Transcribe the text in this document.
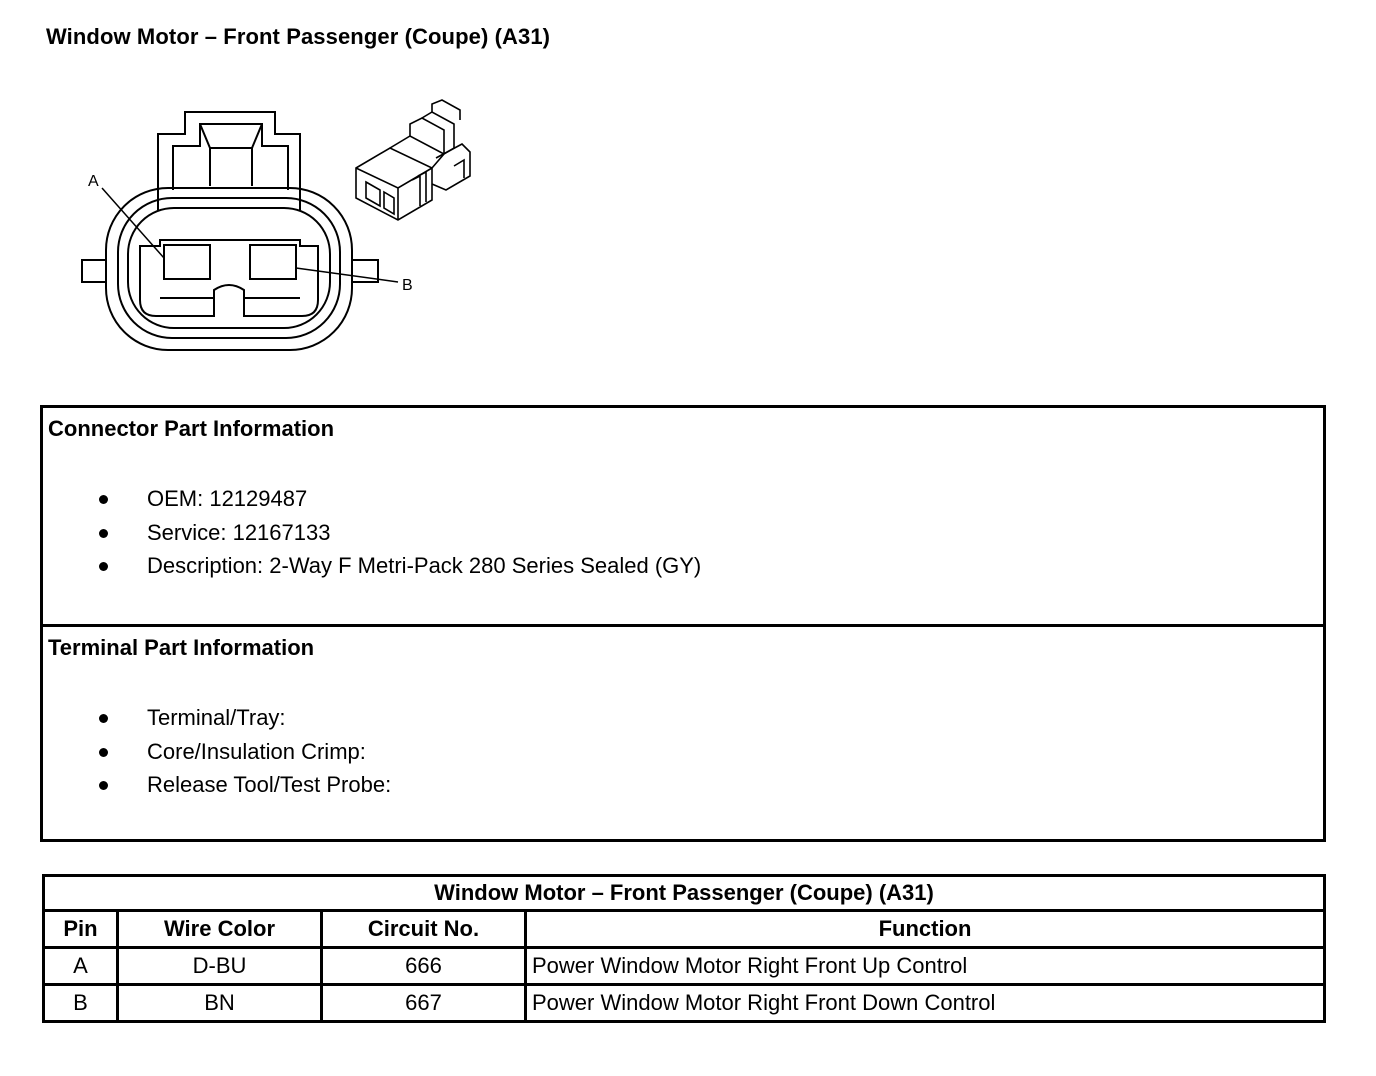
Window Motor – Front Passenger (Coupe) (A31)
A
B
Connector Part Information
OEM: 12129487
Service: 12167133
Description: 2-Way F Metri-Pack 280 Series Sealed (GY)
Terminal Part Information
Terminal/Tray:
Core/Insulation Crimp:
Release Tool/Test Probe:
Window Motor – Front Passenger (Coupe) (A31)			
Pin	Wire Color	Circuit No.	Function
A	D-BU	666	Power Window Motor Right Front Up Control
B	BN	667	Power Window Motor Right Front Down Control
